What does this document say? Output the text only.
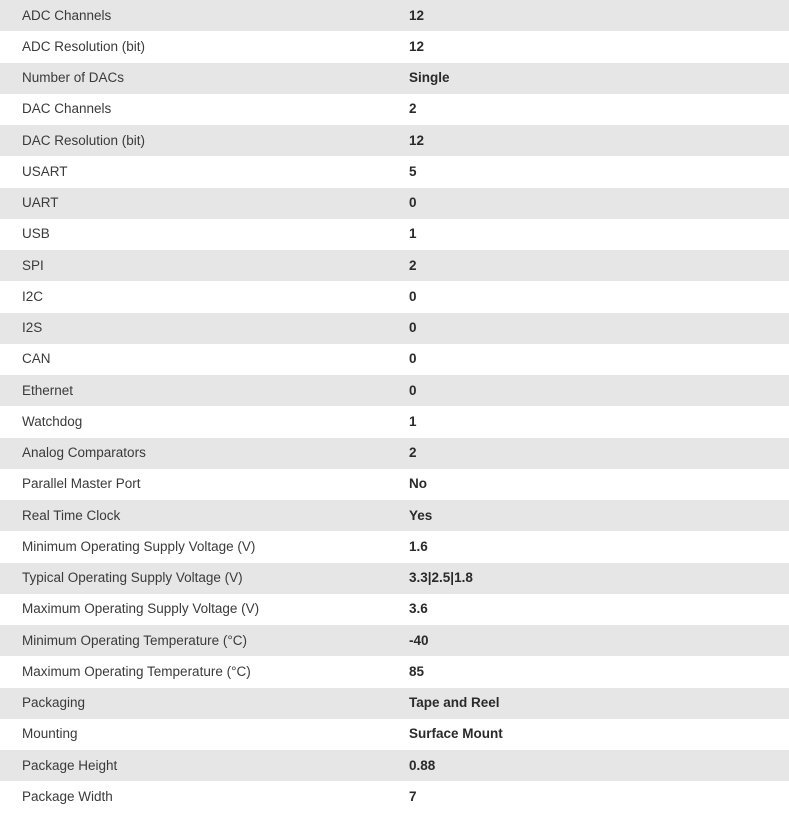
ADC Channels	12
ADC Resolution (bit)	12
Number of DACs	Single
DAC Channels	2
DAC Resolution (bit)	12
USART	5
UART	0
USB	1
SPI	2
I2C	0
I2S	0
CAN	0
Ethernet	0
Watchdog	1
Analog Comparators	2
Parallel Master Port	No
Real Time Clock	Yes
Minimum Operating Supply Voltage (V)	1.6
Typical Operating Supply Voltage (V)	3.3|2.5|1.8
Maximum Operating Supply Voltage (V)	3.6
Minimum Operating Temperature (°C)	-40
Maximum Operating Temperature (°C)	85
Packaging	Tape and Reel
Mounting	Surface Mount
Package Height	0.88
Package Width	7
